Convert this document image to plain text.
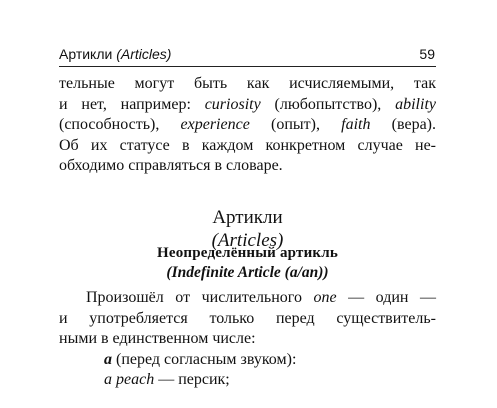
Артикли (Articles)	59
тельные могут быть как исчисляемыми, так
и нет, например: curiosity (любопытство), ability
(способность), experience (опыт), faith (вера).
Об их статусе в каждом конкретном случае не-
обходимо справляться в словаре.
Артикли
(Articles)
Неопределённый артикль
(Indefinite Article (a/an))
Произошёл от числительного one — один —
и употребляется только перед существитель-
ными в единственном числе:
a (перед согласным звуком):
a peach — персик;
